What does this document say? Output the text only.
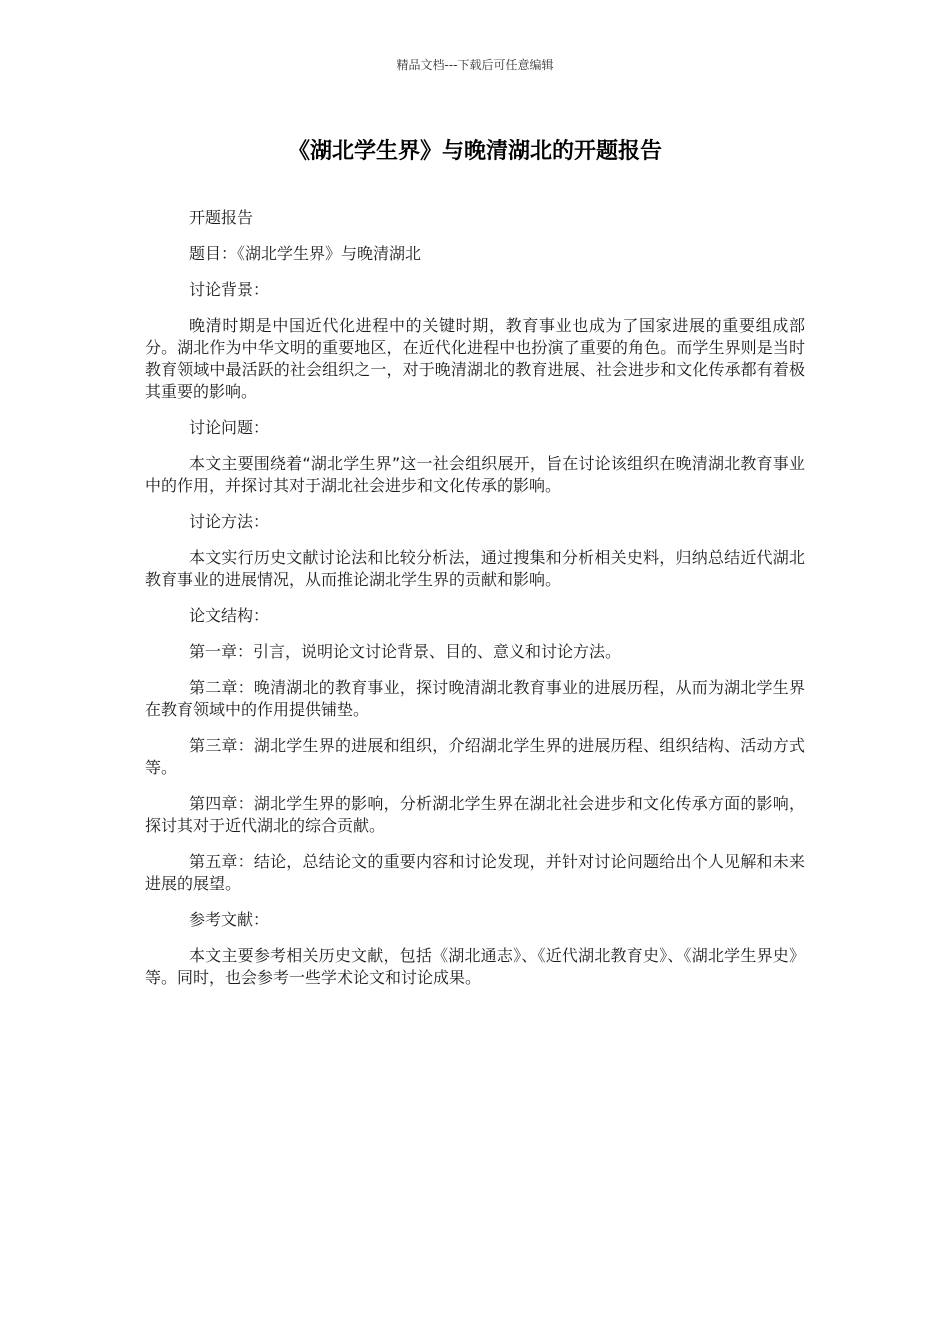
精品文档---下载后可任意编辑
《湖北学生界》与晚清湖北的开题报告

开题报告

题目：《湖北学生界》与晚清湖北

讨论背景：

晚清时期是中国近代化进程中的关键时期，教育事业也成为了国家进展的重要组成部分。湖北作为中华文明的重要地区，在近代化进程中也扮演了重要的角色。而学生界则是当时教育领域中最活跃的社会组织之一，对于晚清湖北的教育进展、社会进步和文化传承都有着极其重要的影响。

讨论问题：

本文主要围绕着“湖北学生界”这一社会组织展开，旨在讨论该组织在晚清湖北教育事业中的作用，并探讨其对于湖北社会进步和文化传承的影响。

讨论方法：

本文实行历史文献讨论法和比较分析法，通过搜集和分析相关史料，归纳总结近代湖北教育事业的进展情况，从而推论湖北学生界的贡献和影响。

论文结构：

第一章：引言，说明论文讨论背景、目的、意义和讨论方法。

第二章：晚清湖北的教育事业，探讨晚清湖北教育事业的进展历程，从而为湖北学生界在教育领域中的作用提供铺垫。

第三章：湖北学生界的进展和组织，介绍湖北学生界的进展历程、组织结构、活动方式等。

第四章：湖北学生界的影响，分析湖北学生界在湖北社会进步和文化传承方面的影响，探讨其对于近代湖北的综合贡献。

第五章：结论，总结论文的重要内容和讨论发现，并针对讨论问题给出个人见解和未来进展的展望。

参考文献：

本文主要参考相关历史文献，包括《湖北通志》、《近代湖北教育史》、《湖北学生界史》等。同时，也会参考一些学术论文和讨论成果。
